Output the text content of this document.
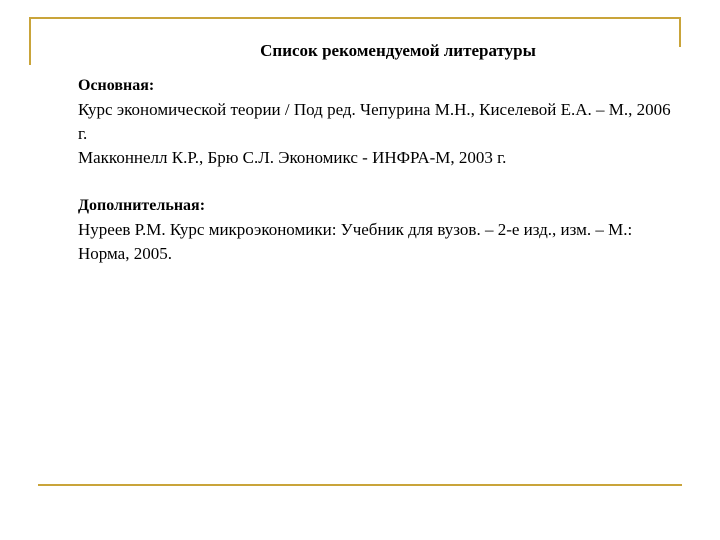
Список рекомендуемой литературы
Основная:
Курс экономической теории / Под ред. Чепурина М.Н., Киселевой Е.А. – М., 2006 г.
Макконнелл К.Р., Брю С.Л. Экономикс - ИНФРА-М, 2003 г.
Дополнительная:
Нуреев Р.М. Курс микроэкономики: Учебник для вузов. – 2-е изд., изм. – М.: Норма, 2005.
